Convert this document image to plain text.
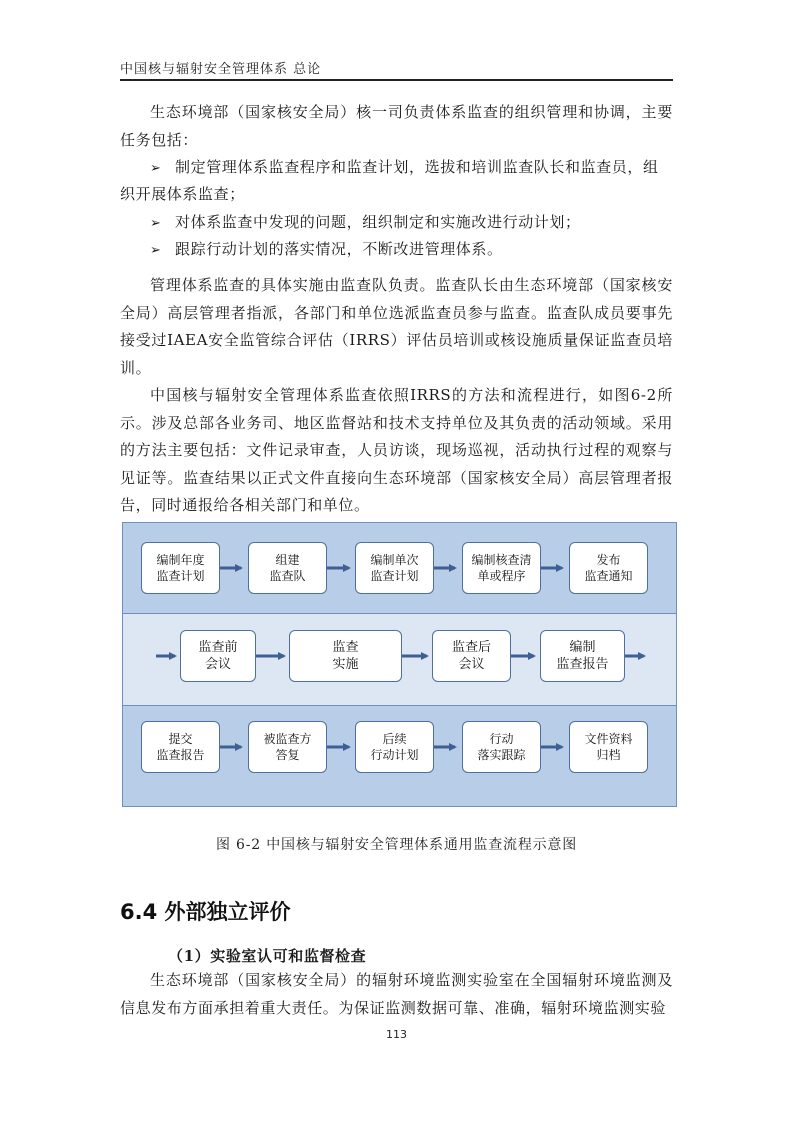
中国核与辐射安全管理体系 总论

生态环境部（国家核安全局）核一司负责体系监查的组织管理和协调，主要任务包括：

➢ 制定管理体系监查程序和监查计划，选拔和培训监查队长和监查员，组

织开展体系监查；

➢ 对体系监查中发现的问题，组织制定和实施改进行动计划；

➢ 跟踪行动计划的落实情况，不断改进管理体系。

管理体系监查的具体实施由监查队负责。监查队长由生态环境部（国家核安全局）高层管理者指派，各部门和单位选派监查员参与监查。监查队成员要事先接受过IAEA安全监管综合评估（IRRS）评估员培训或核设施质量保证监查员培训。

中国核与辐射安全管理体系监查依照IRRS的方法和流程进行，如图6-2所示。涉及总部各业务司、地区监督站和技术支持单位及其负责的活动领域。采用的方法主要包括：文件记录审查，人员访谈，现场巡视，活动执行过程的观察与见证等。监查结果以正式文件直接向生态环境部（国家核安全局）高层管理者报告，同时通报给各相关部门和单位。

编制年度
监查计划
组建
监查队
编制单次
监查计划
编制核查清
单或程序
发布
监查通知
监查前
会议
监查
实施
监查后
会议
编制
监查报告
提交
监查报告
被监查方
答复
后续
行动计划
行动
落实跟踪
文件资料
归档
图 6-2 中国核与辐射安全管理体系通用监查流程示意图
6.4 外部独立评价
（1）实验室认可和监督检查

生态环境部（国家核安全局）的辐射环境监测实验室在全国辐射环境监测及信息发布方面承担着重大责任。为保证监测数据可靠、准确，辐射环境监测实验

113
